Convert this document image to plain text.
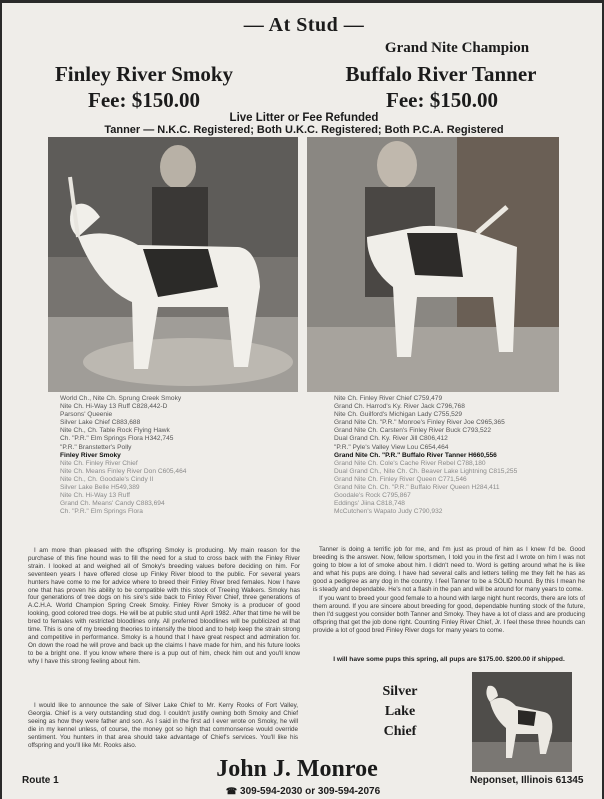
— At Stud —
Grand Nite Champion
Finley River Smoky	Buffalo River Tanner
Fee: $150.00	Fee: $150.00
Live Litter or Fee Refunded
Tanner — N.K.C. Registered; Both U.K.C. Registered; Both P.C.A. Registered
World Ch., Nite Ch. Sprung Creek Smoky
Nite Ch. Hi-Way 13 Ruff C828,442-D
Parsons' Queenie
Silver Lake Chief C883,688
Nite Ch., Ch. Table Rock Flying Hawk
Ch. "P.R." Elm Springs Flora H342,745
"P.R." Branstetter's Polly
Finley River Smoky
Nite Ch. Finley River Chief
Nite Ch. Means Finley River Don C605,464
Nite Ch., Ch. Goodale's Cindy II
Silver Lake Belle H549,389
Nite Ch. Hi-Way 13 Ruff
Grand Ch. Means' Candy C883,694
Ch. "P.R." Elm Springs Flora
Nite Ch. Finley River Chief C759,479
Grand Ch. Harrod's Ky. River Jack C796,768
Nite Ch. Guilford's Michigan Lady C755,529
Grand Nite Ch. "P.R." Monroe's Finley River Joe C965,365
Grand Nite Ch. Carsten's Finley River Buck C793,522
Dual Grand Ch. Ky. River Jill C806,412
"P.R." Pyle's Valley View Lou C654,464
Grand Nite Ch. "P.R." Buffalo River Tanner H660,556
Grand Nite Ch. Cole's Cache River Rebel C788,180
Dual Grand Ch., Nite Ch. Ch. Beaver Lake Lightning C815,255
Grand Nite Ch. Finley River Queen C771,546
Grand Nite Ch. Ch. "P.R." Buffalo River Queen H284,411
Goodale's Rock C795,867
Eddings' Jiina C818,748
McCutchen's Wapato Judy C790,932

I am more than pleased with the offspring Smoky is producing. My main reason for the purchase of this fine hound was to fill the need for a stud to cross back with the Finley River strain. I looked at and weighed all of Smoky's breeding values before deciding on him. For seventeen years I have offered close up Finley River blood to the public. For several years hunters have come to me for advice where to breed their Finley River bred females. Now I have one that has proven his ability to be compatible with this stock of Treeing Walkers. Smoky has four generations of tree dogs on his sire's side back to Finley River Chief, three generations of A.C.H.A. World Champion Spring Creek Smoky. Finley River Smoky is a producer of good looking, good colored tree dogs. He will be at public stud until April 1982. After that time he will be bred to females with restricted bloodlines only. All preferred bloodlines will be publicized at that time. This is one of my breeding theories to intensify the blood and to help keep the strain strong and competitive in performance. Smoky is a hound that I have great respect and admiration for. On down the road he will prove and back up the claims I have made for him, and his future looks to be a bright one. If you know where there is a pup out of him, check him out and you'll know why I have this strong feeling about him.

I would like to announce the sale of Silver Lake Chief to Mr. Kerry Rooks of Fort Valley, Georgia. Chief is a very outstanding stud dog. I couldn't justify owning both Smoky and Chief seeing as how they were father and son. As I said in the first ad I ever wrote on Smoky, he will die in my kennel unless, of course, the money got so high that commonsense would override sentiment. You hunters in that area should take advantage of Chief's services. You'll like his offspring and you'll like Mr. Rooks also.

Tanner is doing a terrific job for me, and I'm just as proud of him as I knew I'd be. Good breeding is the answer. Now, fellow sportsmen, I told you in the first ad I wrote on him I was not going to blow a lot of smoke about him. I didn't need to. Word is getting around what he is like and what his pups are doing. I have had several calls and letters telling me they felt he has as good a pedigree as any dog in the country. I feel Tanner to be a SOLID hound. By this I mean he is steady and dependable. He's not a flash in the pan and will be around for many years to come.

If you want to breed your good female to a hound with large night hunt records, there are lots of them around. If you are sincere about breeding for good, dependable hunting stock of the future, then I'd suggest you consider both Tanner and Smoky. They have a lot of class and are producing offspring that get the job done right. Counting Finley River Chief, Jr. I feel these three hounds can provide a lot of good bred Finley River dogs for many years to come.

I will have some pups this spring, all pups are $175.00. $200.00 if shipped.
Silver
Lake
Chief
Route 1	John J. Monroe	Neponset, Illinois 61345
☎ 309-594-2030 or 309-594-2076
